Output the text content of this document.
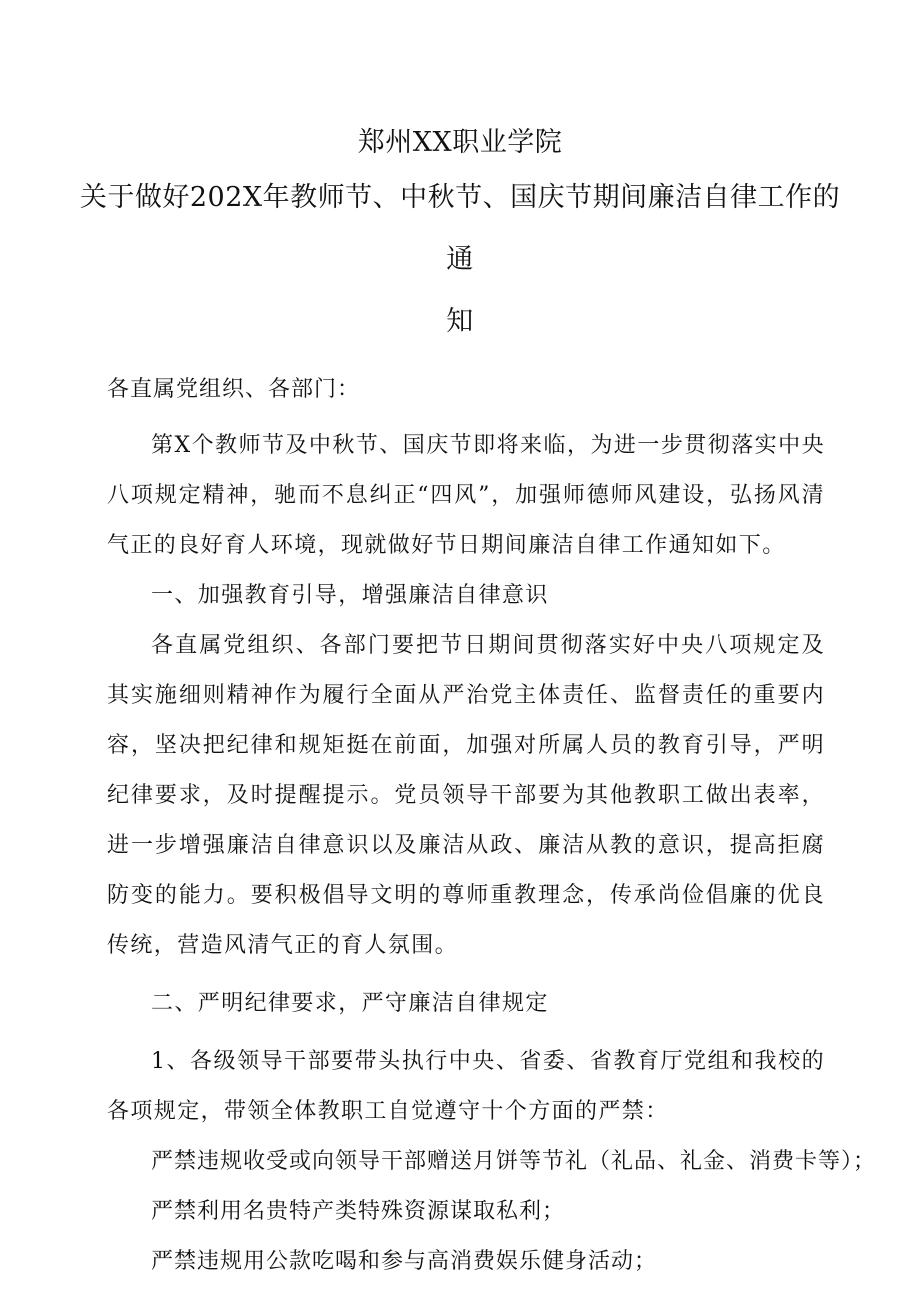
郑州XX职业学院
关于做好202X年教师节、中秋节、国庆节期间廉洁自律工作的
通
知

各直属党组织、各部门：

第X个教师节及中秋节、国庆节即将来临，为进一步贯彻落实中央八项规定精神，驰而不息纠正“四风”，加强师德师风建设，弘扬风清气正的良好育人环境，现就做好节日期间廉洁自律工作通知如下。

一、加强教育引导，增强廉洁自律意识

各直属党组织、各部门要把节日期间贯彻落实好中央八项规定及其实施细则精神作为履行全面从严治党主体责任、监督责任的重要内容，坚决把纪律和规矩挺在前面，加强对所属人员的教育引导，严明纪律要求，及时提醒提示。党员领导干部要为其他教职工做出表率，进一步增强廉洁自律意识以及廉洁从政、廉洁从教的意识，提高拒腐防变的能力。要积极倡导文明的尊师重教理念，传承尚俭倡廉的优良传统，营造风清气正的育人氛围。

二、严明纪律要求，严守廉洁自律规定

1、各级领导干部要带头执行中央、省委、省教育厅党组和我校的各项规定，带领全体教职工自觉遵守十个方面的严禁：

严禁违规收受或向领导干部赠送月饼等节礼（礼品、礼金、消费卡等）；

严禁利用名贵特产类特殊资源谋取私利；

严禁违规用公款吃喝和参与高消费娱乐健身活动；
